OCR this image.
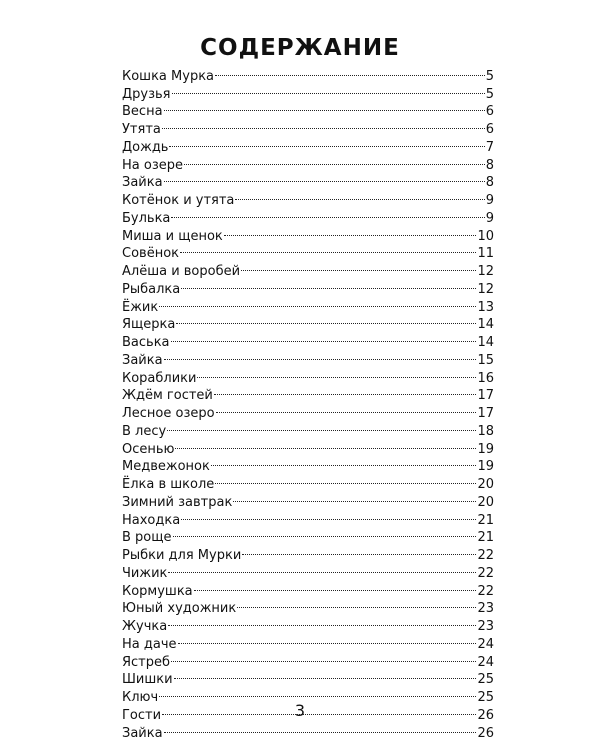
СОДЕРЖАНИЕ
Кошка Мурка	5
Друзья	5
Весна	6
Утята	6
Дождь	7
На озере	8
Зайка	8
Котёнок и утята	9
Булька	9
Миша и щенок	10
Совёнок	11
Алёша и воробей	12
Рыбалка	12
Ёжик	13
Ящерка	14
Васька	14
Зайка	15
Кораблики	16
Ждём гостей	17
Лесное озеро	17
В лесу	18
Осенью	19
Медвежонок	19
Ёлка в школе	20
Зимний завтрак	20
Находка	21
В роще	21
Рыбки для Мурки	22
Чижик	22
Кормушка	22
Юный художник	23
Жучка	23
На даче	24
Ястреб	24
Шишки	25
Ключ	25
Гости	26
Зайка	26
3
